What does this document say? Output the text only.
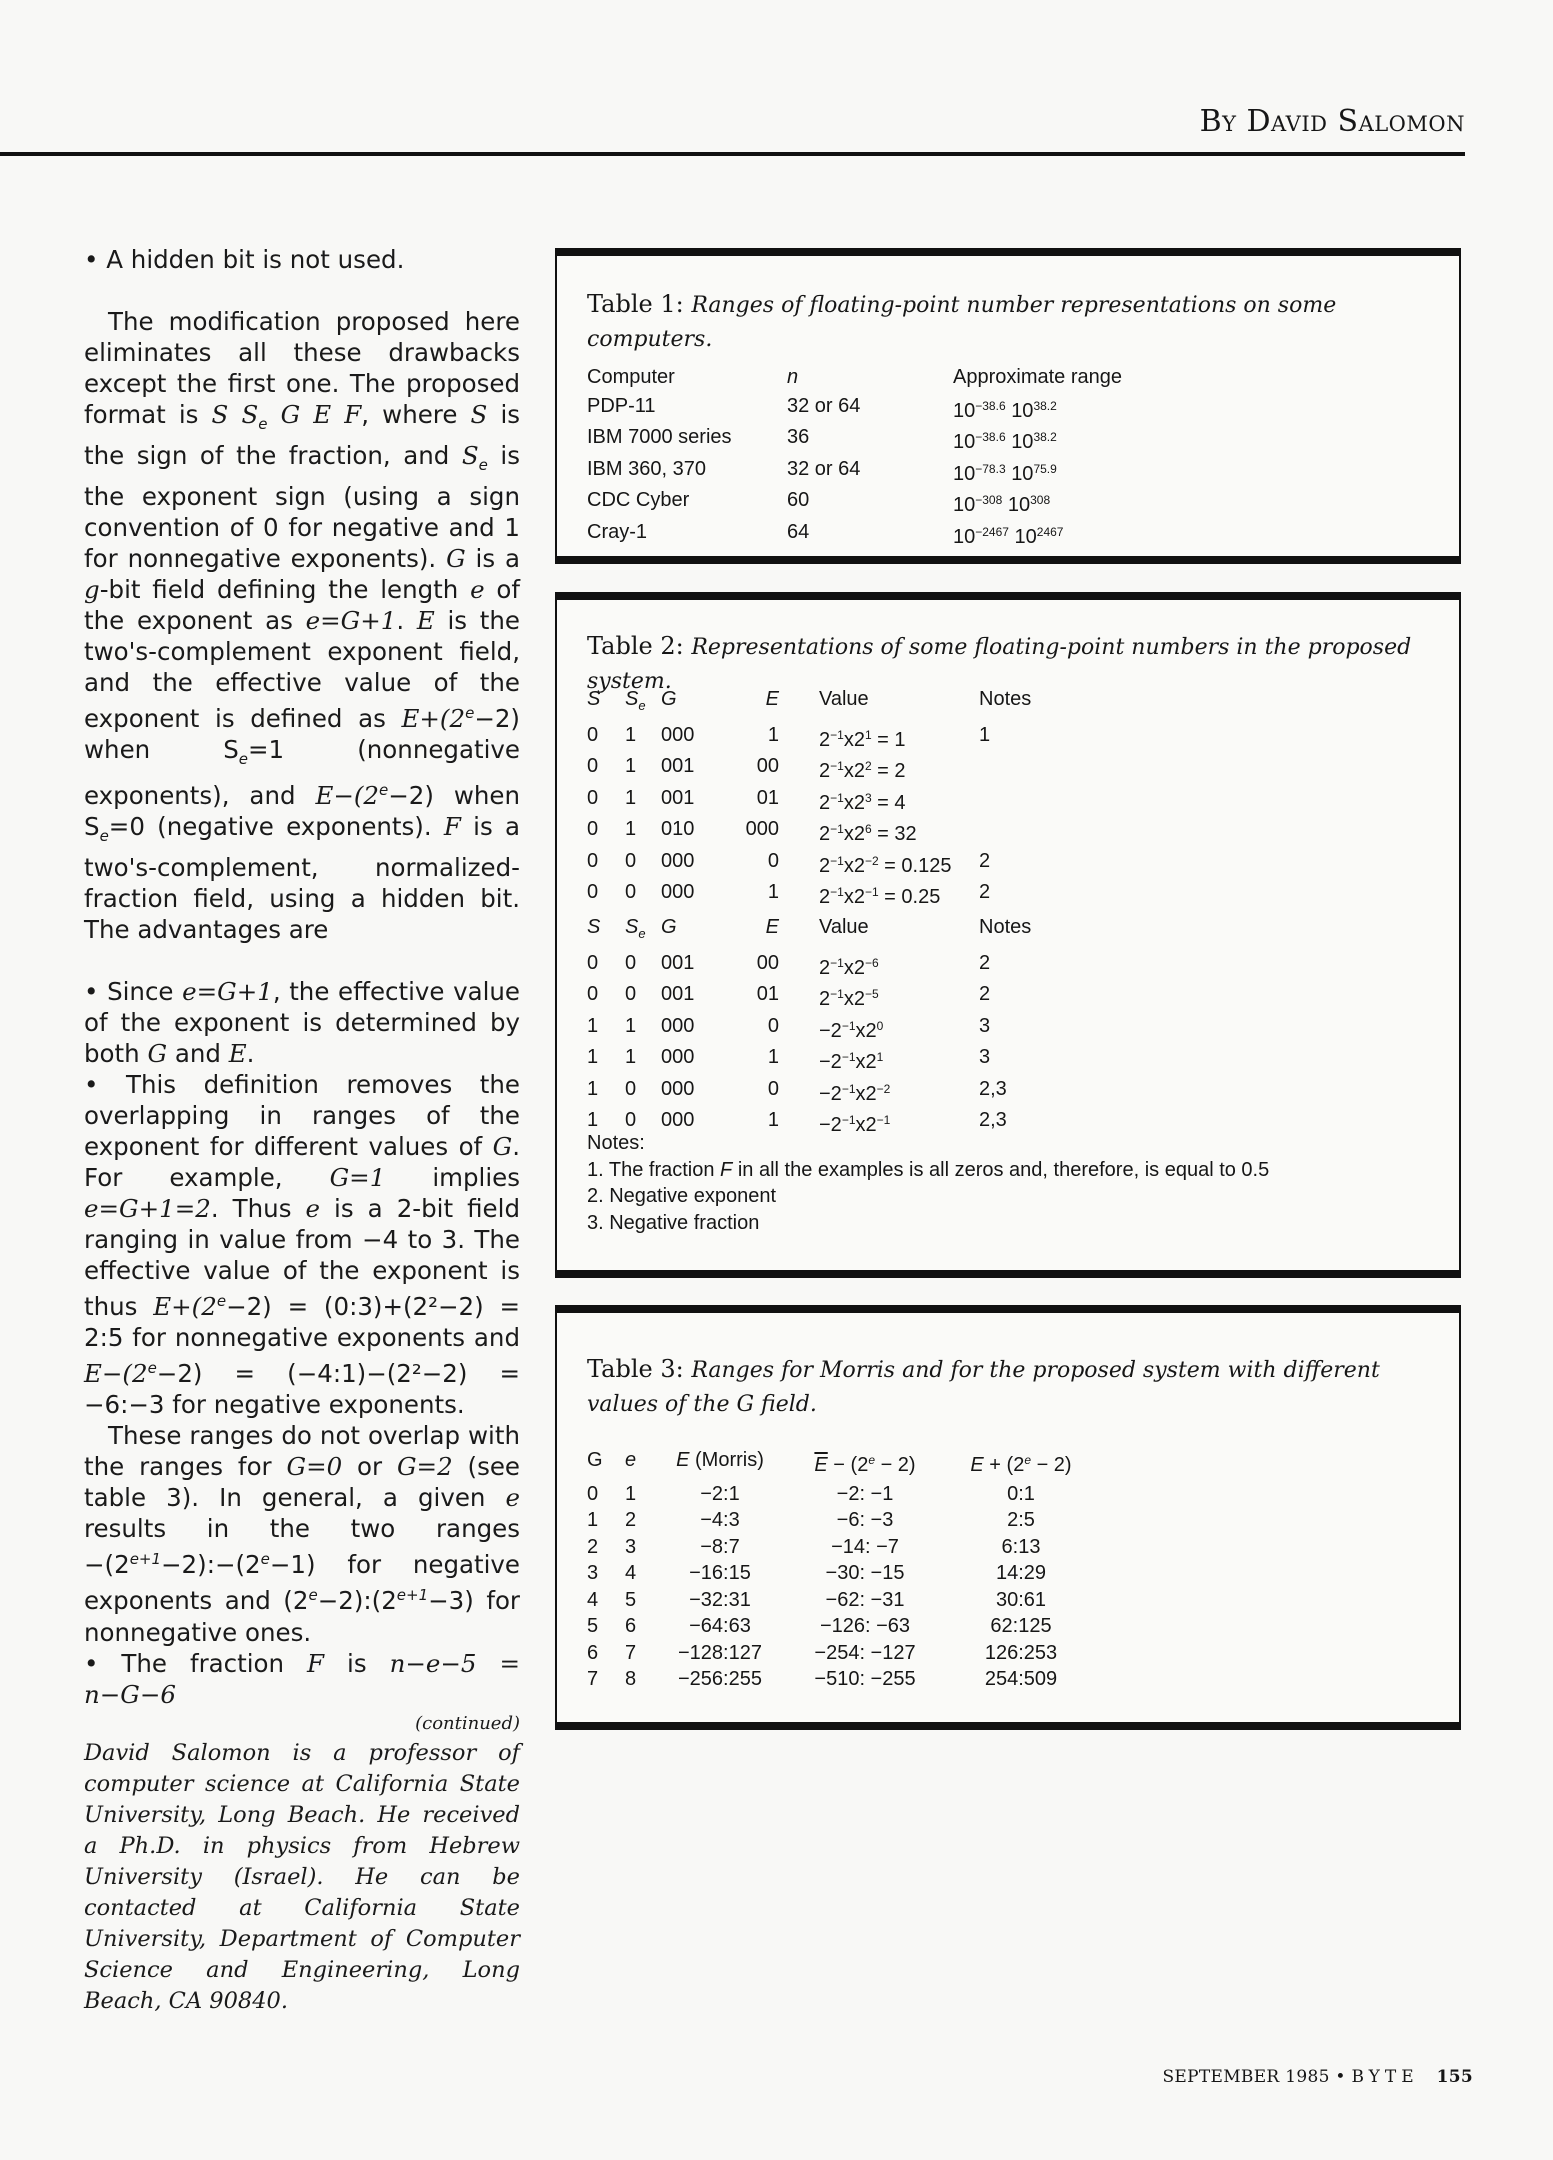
By David Salomon

• A hidden bit is not used.

The modification proposed here eliminates all these drawbacks except the first one. The proposed format is S $S_e$ G E F, where S is the sign of the fraction, and $S_e$ is the exponent sign (using a sign convention of 0 for negative and 1 for nonnegative exponents). G is a g-bit field defining the length e of the exponent as e=G+1. E is the two's-complement exponent field, and the effective value of the exponent is defined as $E+(2^e-2)$ when $S_e=1$ (nonnegative exponents), and $E-(2^e-2)$ when $S_e=0$ (negative exponents). F is a two's-complement, normalized-fraction field, using a hidden bit. The advantages are

• Since e=G+1, the effective value of the exponent is determined by both G and E.

• This definition removes the overlapping in ranges of the exponent for different values of G. For example, G=1 implies e=G+1=2. Thus e is a 2-bit field ranging in value from −4 to 3. The effective value of the exponent is thus $E+(2^e-2)$ = (0:3)+(2²−2) = 2:5 for nonnegative exponents and $E-(2^e-2)$ = (−4:1)−(2²−2) = −6:−3 for negative exponents.

These ranges do not overlap with the ranges for G=0 or G=2 (see table 3). In general, a given e results in the two ranges $-(2^{e+1}-2):-(2^e-1)$ for negative exponents and $(2^e-2):(2^{e+1}-3)$ for nonnegative ones.

• The fraction F is n−e−5 = n−G−6

(continued)

David Salomon is a professor of computer science at California State University, Long Beach. He received a Ph.D. in physics from Hebrew University (Israel). He can be contacted at California State University, Department of Computer Science and Engineering, Long Beach, CA 90840.

Table 1: Ranges of floating-point number representations on some computers.
Computer	n	Approximate range
PDP-11	32 or 64	$10^{-38.6}$ $10^{38.2}$
IBM 7000 series	36	$10^{-38.6}$ $10^{38.2}$
IBM 360, 370	32 or 64	$10^{-78.3}$ $10^{75.9}$
CDC Cyber	60	$10^{-308}$ $10^{308}$
Cray-1	64	$10^{-2467}$ $10^{2467}$
Table 2: Representations of some floating-point numbers in the proposed system.
S	$S_e$ G	E	Value	Notes
0	1	000	1	$2^{-1}x2^1 = 1$	1
0	1	001	00	$2^{-1}x2^2 = 2$
0	1	001	01	$2^{-1}x2^3 = 4$
0	1	010	000	$2^{-1}x2^6 = 32$
0	0	000	0	$2^{-1}x2^{-2} = 0.125$	2
0	0	000	1	$2^{-1}x2^{-1} = 0.25$	2
S	$S_e$ G	E	Value	Notes
0	0	001	00	$2^{-1}x2^{-6}$	2
0	0	001	01	$2^{-1}x2^{-5}$	2
1	1	000	0	$-2^{-1}x2^0$	3
1	1	000	1	$-2^{-1}x2^1$	3
1	0	000	0	$-2^{-1}x2^{-2}$	2,3
1	0	000	1	$-2^{-1}x2^{-1}$	2,3
Notes:
1. The fraction F in all the examples is all zeros and, therefore, is equal to 0.5
2. Negative exponent
3. Negative fraction
Table 3: Ranges for Morris and for the proposed system with different values of the G field.
G	e	E (Morris)	$\overline{E} - (2^e - 2)$	$E + (2^e - 2)$
0	1	−2:1	−2: −1	0:1
1	2	−4:3	−6: −3	2:5
2	3	−8:7	−14: −7	6:13
3	4	−16:15	−30: −15	14:29
4	5	−32:31	−62: −31	30:61
5	6	−64:63	−126: −63	62:125
6	7	−128:127	−254: −127	126:253
7	8	−256:255	−510: −255	254:509
SEPTEMBER 1985 • BYTE 155
